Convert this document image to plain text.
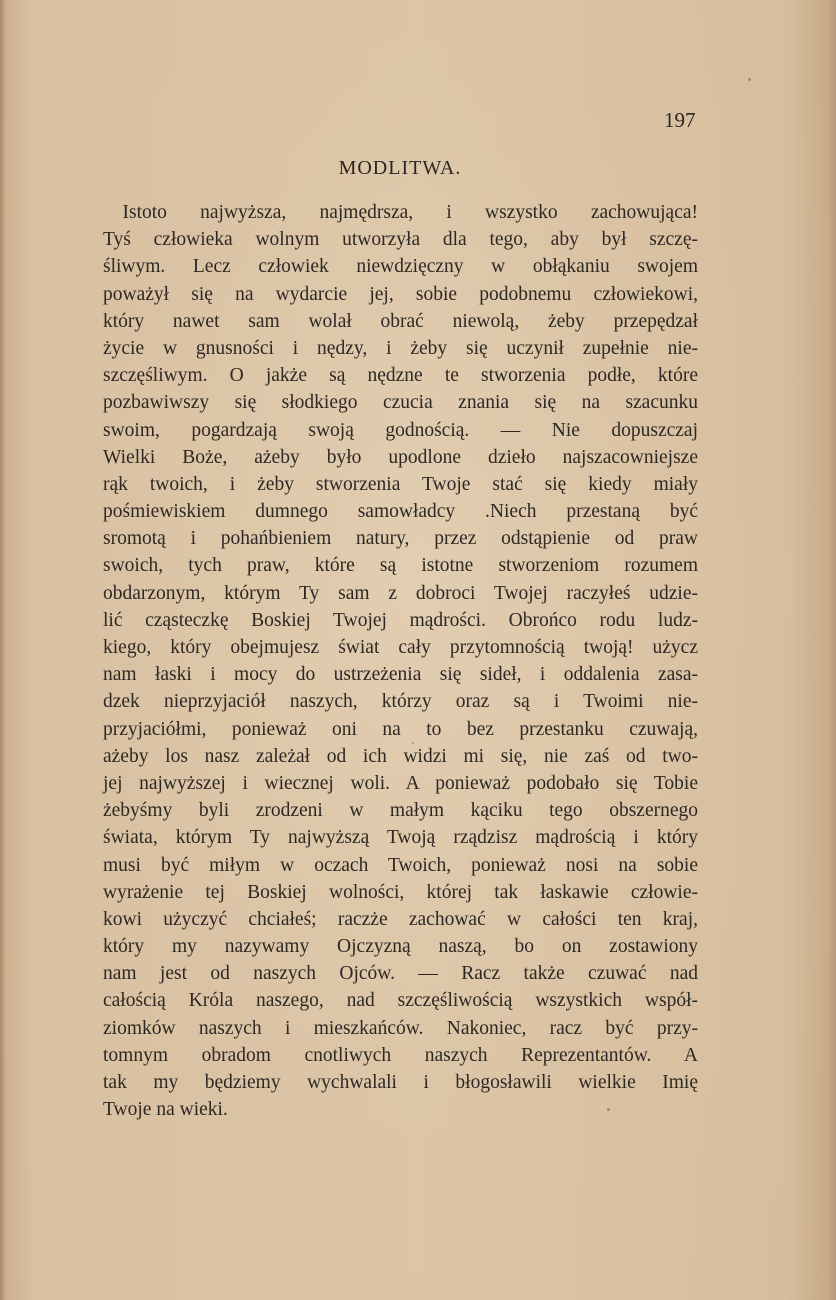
197
MODLITWA.
 Istoto najwyższa, najmędrsza, i wszystko zachowująca!
Tyś człowieka wolnym utworzyła dla tego, aby był szczę-
śliwym. Lecz człowiek niewdzięczny w obłąkaniu swojem
poważył się na wydarcie jej, sobie podobnemu człowiekowi,
który nawet sam wolał obrać niewolą, żeby przepędzał
życie w gnusności i nędzy, i żeby się uczynił zupełnie nie-
szczęśliwym. O jakże są nędzne te stworzenia podłe, które
pozbawiwszy się słodkiego czucia znania się na szacunku
swoim, pogardzają swoją godnością. — Nie dopuszczaj
Wielki Boże, ażeby było upodlone dzieło najszacowniejsze
rąk twoich, i żeby stworzenia Twoje stać się kiedy miały
pośmiewiskiem dumnego samowładcy .Niech przestaną być
sromotą i pohańbieniem natury, przez odstąpienie od praw
swoich, tych praw, które są istotne stworzeniom rozumem
obdarzonym, którym Ty sam z dobroci Twojej raczyłeś udzie-
lić cząsteczkę Boskiej Twojej mądrości. Obrońco rodu ludz-
kiego, który obejmujesz świat cały przytomnością twoją! użycz
nam łaski i mocy do ustrzeżenia się sideł, i oddalenia zasa-
dzek nieprzyjaciół naszych, którzy oraz są i Twoimi nie-
przyjaciółmi, ponieważ oni na to bez przestanku czuwają,
ażeby los nasz zależał od ich widzi mi się, nie zaś od two-
jej najwyższej i wiecznej woli. A ponieważ podobało się Tobie
żebyśmy byli zrodzeni w małym kąciku tego obszernego
świata, którym Ty najwyższą Twoją rządzisz mądrością i który
musi być miłym w oczach Twoich, ponieważ nosi na sobie
wyrażenie tej Boskiej wolności, której tak łaskawie człowie-
kowi użyczyć chciałeś; raczże zachować w całości ten kraj,
który my nazywamy Ojczyzną naszą, bo on zostawiony
nam jest od naszych Ojców. — Racz także czuwać nad
całością Króla naszego, nad szczęśliwością wszystkich współ-
ziomków naszych i mieszkańców. Nakoniec, racz być przy-
tomnym obradom cnotliwych naszych Reprezentantów. A
tak my będziemy wychwalali i błogosławili wielkie Imię
Twoje na wieki.
